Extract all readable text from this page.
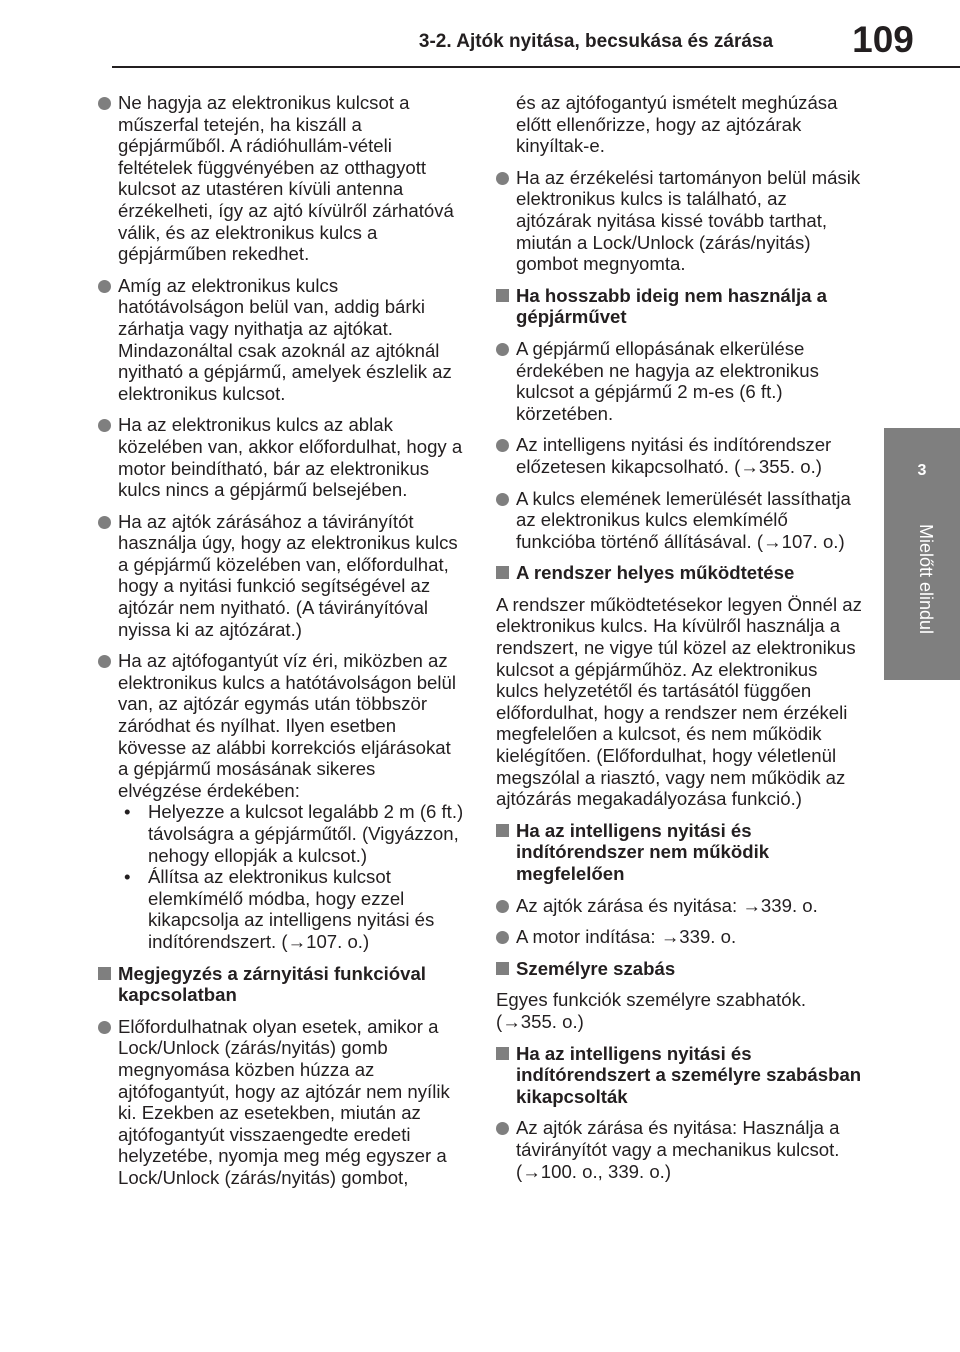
3-2. Ajtók nyitása, becsukása és zárása	109
3
Mielőtt elindul
Ne hagyja az elektronikus kulcsot a műszerfal tetején, ha kiszáll a gépjárműből. A rádióhullám-vételi feltételek függvényében az otthagyott kulcsot az utastéren kívüli antenna érzékelheti, így az ajtó kívülről zárhatóvá válik, és az elektronikus kulcs a gépjárműben rekedhet.
Amíg az elektronikus kulcs hatótávolságon belül van, addig bárki zárhatja vagy nyithatja az ajtókat. Mindazonáltal csak azoknál az ajtóknál nyitható a gépjármű, amelyek észlelik az elektronikus kulcsot.
Ha az elektronikus kulcs az ablak közelében van, akkor előfordulhat, hogy a motor beindítható, bár az elektronikus kulcs nincs a gépjármű belsejében.
Ha az ajtók zárásához a távirányítót használja úgy, hogy az elektronikus kulcs a gépjármű közelében van, előfordulhat, hogy a nyitási funkció segítségével az ajtózár nem nyitható. (A távirányítóval nyissa ki az ajtózárat.)
Ha az ajtófogantyút víz éri, miközben az elektronikus kulcs a hatótávolságon belül van, az ajtózár egymás után többször záródhat és nyílhat. Ilyen esetben kövesse az alábbi korrekciós eljárásokat a gépjármű mosásának sikeres elvégzése érdekében:
• Helyezze a kulcsot legalább 2 m (6 ft.) távolságra a gépjárműtől. (Vigyázzon, nehogy ellopják a kulcsot.)
• Állítsa az elektronikus kulcsot elemkímélő módba, hogy ezzel kikapcsolja az intelligens nyitási és indítórendszert. (→107. o.)
Megjegyzés a zárnyitási funkcióval kapcsolatban
Előfordulhatnak olyan esetek, amikor a Lock/Unlock (zárás/nyitás) gomb megnyomása közben húzza az ajtófogantyút, hogy az ajtózár nem nyílik ki. Ezekben az esetekben, miután az ajtófogantyút visszaengedte eredeti helyzetébe, nyomja meg még egyszer a Lock/Unlock (zárás/nyitás) gombot,
és az ajtófogantyú ismételt meghúzása előtt ellenőrizze, hogy az ajtózárak kinyíltak-e.
Ha az érzékelési tartományon belül másik elektronikus kulcs is található, az ajtózárak nyitása kissé tovább tarthat, miután a Lock/Unlock (zárás/nyitás) gombot megnyomta.
Ha hosszabb ideig nem használja a gépjárművet
A gépjármű ellopásának elkerülése érdekében ne hagyja az elektronikus kulcsot a gépjármű 2 m-es (6 ft.) körzetében.
Az intelligens nyitási és indítórendszer előzetesen kikapcsolható. (→355. o.)
A kulcs elemének lemerülését lassíthatja az elektronikus kulcs elemkímélő funkcióba történő állításával. (→107. o.)
A rendszer helyes működtetése
A rendszer működtetésekor legyen Önnél az elektronikus kulcs. Ha kívülről használja a rendszert, ne vigye túl közel az elektronikus kulcsot a gépjárműhöz. Az elektronikus kulcs helyzetétől és tartásától függően előfordulhat, hogy a rendszer nem érzékeli megfelelően a kulcsot, és nem működik kielégítően. (Előfordulhat, hogy véletlenül megszólal a riasztó, vagy nem működik az ajtózárás megakadályozása funkció.)
Ha az intelligens nyitási és indítórendszer nem működik megfelelően
Az ajtók zárása és nyitása: →339. o.
A motor indítása: →339. o.
Személyre szabás
Egyes funkciók személyre szabhatók. (→355. o.)
Ha az intelligens nyitási és indítórendszert a személyre szabásban kikapcsolták
Az ajtók zárása és nyitása: Használja a távirányítót vagy a mechanikus kulcsot. (→100. o., 339. o.)
